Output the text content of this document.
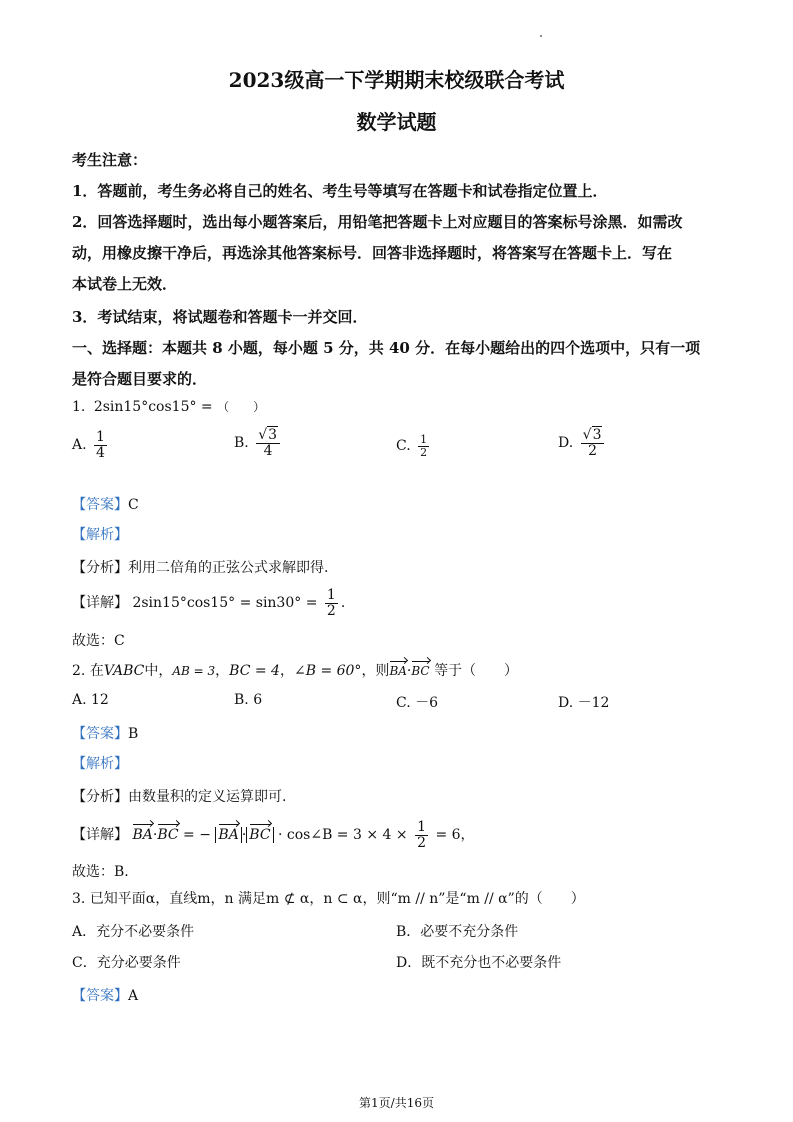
2023级高一下学期期末校级联合考试
数学试题
考生注意：
1．答题前，考生务必将自己的姓名、考生号等填写在答题卡和试卷指定位置上．
2．回答选择题时，选出每小题答案后，用铅笔把答题卡上对应题目的答案标号涂黑．如需改
动，用橡皮擦干净后，再选涂其他答案标号．回答非选择题时，将答案写在答题卡上．写在
本试卷上无效．
3．考试结束，将试题卷和答题卡一并交回．
一、选择题：本题共 8 小题，每小题 5 分，共 40 分．在每小题给出的四个选项中，只有一项
是符合题目要求的．
1. 2sin15°cos15° = （　　）
A. $\frac{1}{4}$	B. $\frac{√3}{4}$	C. $\frac{1}{2}$	D. $\frac{√3}{2}$
【答案】C
【解析】
【分析】利用二倍角的正弦公式求解即得.
【详解】 $2\sin 15^\circ\cos 15^\circ = \sin 30^\circ = \frac{1}{2}$ .
故选：C
2. 在VABC中，AB = 3，BC = 4，∠B = 60°，则BA·BC 等于（　　）
A. 12	B. 6	C. －6	D. －12
【答案】B
【解析】
【分析】由数量积的定义运算即可.
【详解】 BA·BC = − BA · BC · cos∠B = $3 \times 4 \times \frac{1}{2} = 6$，
故选：B.
3. 已知平面α，直线m，n 满足m ⊄ α，n ⊂ α，则“m // n”是“m // α”的（　　）
A．充分不必要条件	B．必要不充分条件
C．充分必要条件	D．既不充分也不必要条件
【答案】A
第1页/共16页
